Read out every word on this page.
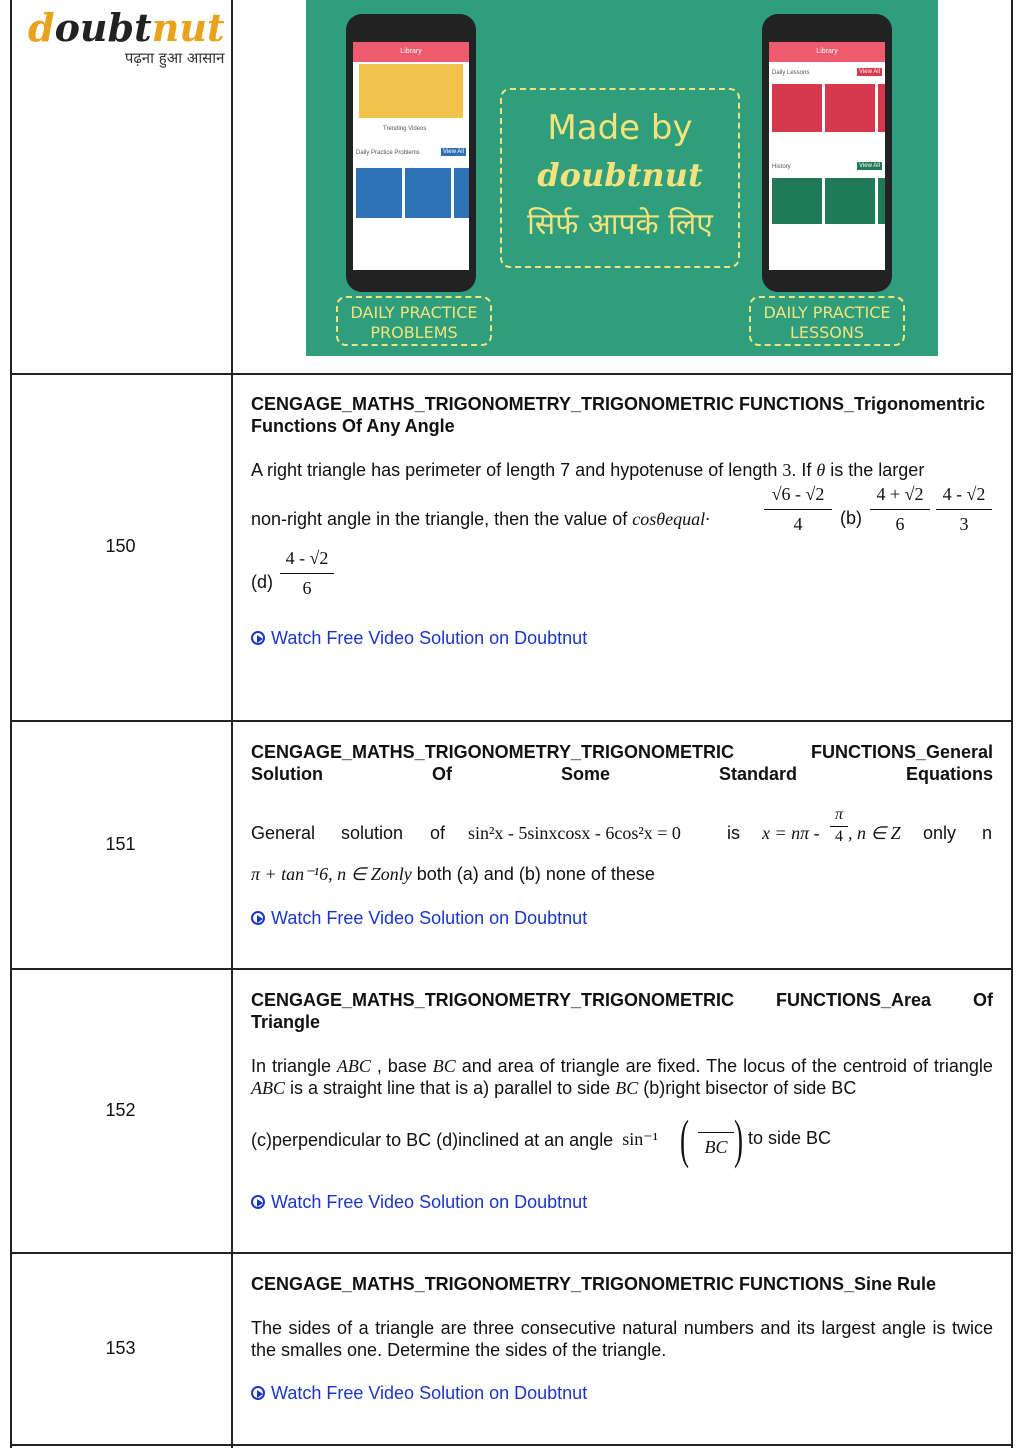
doubtnut
पढ़ना हुआ आसान	Library
Trending Videos
Daily Practice Problems	View All
Library
Daily Lessons	View All
History	View All
Made by
doubtnut
सिर्फ आपके लिए
DAILY PRACTICE PROBLEMS
DAILY PRACTICE LESSONS
150
CENGAGE_MATHS_TRIGONOMETRY_TRIGONOMETRIC FUNCTIONS_Trigonomentric Functions Of Any Angle
A right triangle has perimeter of length 7 and hypotenuse of length 3. If θ is the larger
non-right angle in the triangle, then the value of cosθequal·	$\frac{√6 - √2}{4} (b) \frac{4 + √2}{6} \frac{4 - √2}{3}$
$(d) \frac{4 - √2}{6}$
Watch Free Video Solution on Doubtnut
151
CENGAGE_MATHS_TRIGONOMETRY_TRIGONOMETRIC FUNCTIONS_General Solution Of Some Standard Equations
General solution of sin²x - 5sinxcosx - 6cos²x = 0	is $x = n\pi - \frac{\pi}{4}$ , n ∈ Z only n
π + tan⁻¹6, n ∈ Zonly both (a) and (b) none of these
Watch Free Video Solution on Doubtnut
152
CENGAGE_MATHS_TRIGONOMETRY_TRIGONOMETRIC FUNCTIONS_Area Of Triangle
In triangle ABC , base BC and area of triangle are fixed. The locus of the centroid of triangle ABC is a straight line that is a) parallel to side BC (b)right bisector of side BC
(c)perpendicular to BC (d)inclined at an angle sin⁻¹ ( BC ) to side BC
Watch Free Video Solution on Doubtnut
153
CENGAGE_MATHS_TRIGONOMETRY_TRIGONOMETRIC FUNCTIONS_Sine Rule
The sides of a triangle are three consecutive natural numbers and its largest angle is twice the smalles one. Determine the sides of the triangle.
Watch Free Video Solution on Doubtnut
